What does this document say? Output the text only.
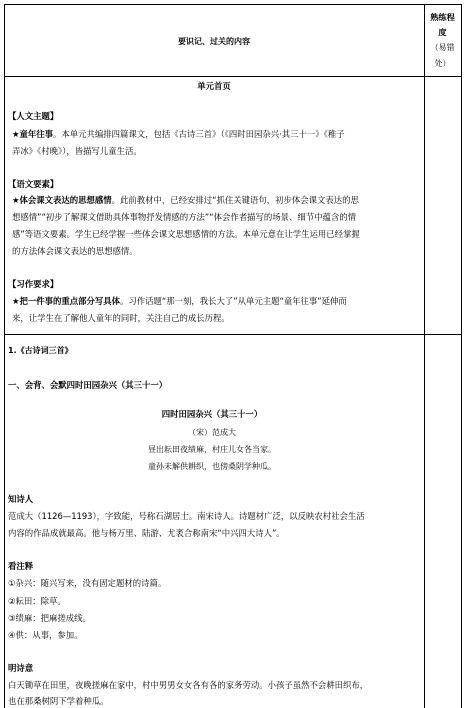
要识记、过关的内容
熟练程
度
（易错
处）
单元首页
【人文主题】
★童年往事。本单元共编排四篇课文，包括《古诗三首》（《四时田园杂兴·其三十一》《稚子
弄冰》《村晚》），皆描写儿童生活。
【语文要素】
★体会课文表达的思想感情。此前教材中，已经安排过“抓住关键语句，初步体会课文表达的思
想感情”“初步了解课文借助具体事物抒发情感的方法”“体会作者描写的场景、细节中蕴含的情
感”等语文要素。学生已经学握一些体会课文思想感情的方法。本单元意在让学生运用已经掌握
的方法体会课文表达的思想感情。
【习作要求】
★把一件事的重点部分写具体。习作话题“那一刻，我长大了”从单元主题“童年往事”延伸而
来，让学生在了解他人童年的同时，关注自己的成长历程。
1.《古诗词三首》
一、会背、会默四时田园杂兴（其三十一）
四时田园杂兴（其三十一）
（宋）范成大
昼出耘田夜绩麻，村庄儿女各当家。
童孙未解供耕织，也傍桑阴学种瓜。
知诗人
范成大（1126—1193），字致能，号称石湖居士。南宋诗人。诗题材广泛，以反映农村社会生活
内容的作品成就最高。他与杨万里、陆游、尤袤合称南宋“中兴四大诗人”。
看注释
①杂兴：随兴写来，没有固定题材的诗篇。
②耘田：除草。
③绩麻：把麻搓成线。
④供：从事，参加。
明诗意
白天锄草在田里，夜晚搓麻在家中，村中男男女女各有各的家务劳动。小孩子虽然不会耕田织布，
也在那桑树阴下学着种瓜。
